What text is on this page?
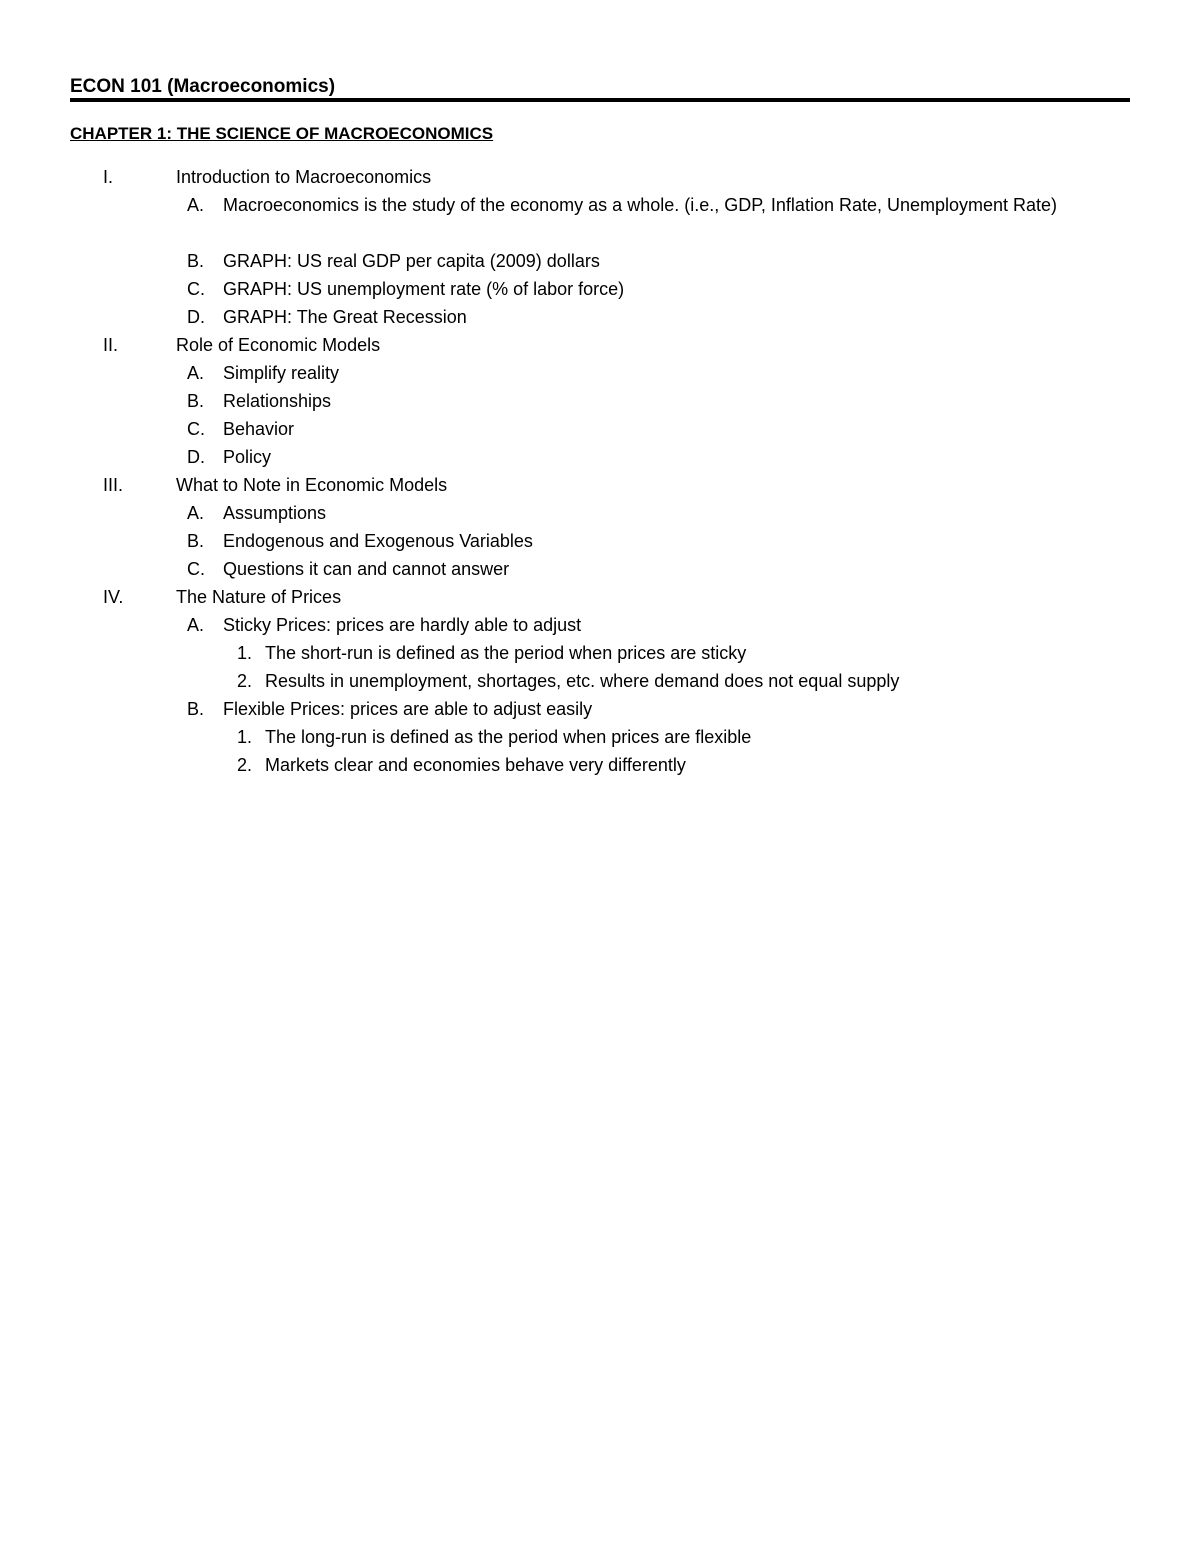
ECON 101 (Macroeconomics)
CHAPTER 1: THE SCIENCE OF MACROECONOMICS
I.	Introduction to Macroeconomics
A. Macroeconomics is the study of the economy as a whole. (i.e., GDP, Inflation Rate, Unemployment Rate)
B. GRAPH: US real GDP per capita (2009) dollars
C. GRAPH: US unemployment rate (% of labor force)
D. GRAPH: The Great Recession
II.	Role of Economic Models
A. Simplify reality
B. Relationships
C. Behavior
D. Policy
III.	What to Note in Economic Models
A. Assumptions
B. Endogenous and Exogenous Variables
C. Questions it can and cannot answer
IV.	The Nature of Prices
A. Sticky Prices: prices are hardly able to adjust
1. The short-run is defined as the period when prices are sticky
2. Results in unemployment, shortages, etc. where demand does not equal supply
B. Flexible Prices: prices are able to adjust easily
1. The long-run is defined as the period when prices are flexible
2. Markets clear and economies behave very differently
